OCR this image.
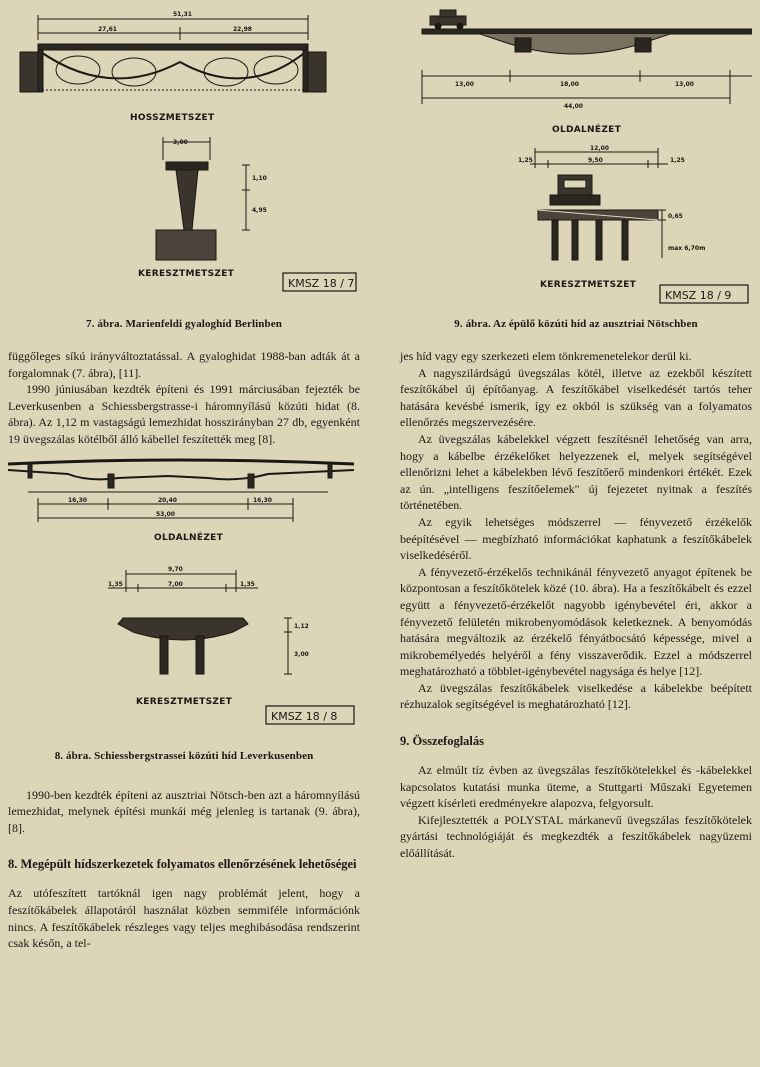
51,31
27,61	22,98
HOSSZMETSZET
3,00
1,10
4,95
KERESZTMETSZET
KMSZ 18 / 7
7. ábra. Marienfeldi gyaloghíd Berlinben

függőleges síkú irányváltoztatással. A gyaloghidat 1988-ban adták át a forgalomnak (7. ábra), [11].

1990 júniusában kezdték építeni és 1991 márciusában fejezték be Leverkusenben a Schiessbergstrasse-i háromnyílású közúti hidat (8. ábra). Az 1,12 m vastagságú lemezhidat hosszirányban 27 db, egyenként 19 üvegszálas kötélből álló kábellel feszítették meg [8].

16,30	20,40	16,30
53,00
OLDALNÉZET
9,70
1,35	7,00	1,35
1,12
3,00
KERESZTMETSZET
KMSZ 18 / 8
8. ábra. Schiessbergstrassei közúti híd Leverkusenben

1990-ben kezdték építeni az ausztriai Nötsch-ben azt a háromnyílású lemezhidat, melynek építési munkái még jelenleg is tartanak (9. ábra), [8].

8. Megépült hídszerkezetek folyamatos ellenőrzésének lehetőségei

Az utófeszített tartóknál igen nagy problémát jelent, hogy a feszítőkábelek állapotáról használat közben semmiféle információnk nincs. A feszítőkábelek részleges vagy teljes meghibásodása rendszerint csak későn, a tel-

13,00	18,00	13,00
44,00
OLDALNÉZET
12,00
1,25	9,50	1,25
0,65
max 6,70m
KERESZTMETSZET
KMSZ 18 / 9
9. ábra. Az épülő közúti híd az ausztriai Nötschben

jes híd vagy egy szerkezeti elem tönkremenetelekor derül ki.

A nagyszilárdságú üvegszálas kötél, illetve az ezekből készített feszítőkábel új építőanyag. A feszítőkábel viselkedését tartós teher hatására kevésbé ismerik, így ez okból is szükség van a folyamatos ellenőrzés megszervezésére.

Az üvegszálas kábelekkel végzett feszítésnél lehetőség van arra, hogy a kábelbe érzékelőket helyezzenek el, melyek segítségével ellenőrizni lehet a kábelekben lévő feszítőerő mindenkori értékét. Ezek az ún. „intelligens feszítőelemek" új fejezetet nyitnak a feszítés történetében.

Az egyik lehetséges módszerrel — fényvezető érzékelők beépítésével — megbízható információkat kaphatunk a feszítőkábelek viselkedéséről.

A fényvezető-érzékelős technikánál fényvezető anyagot építenek be központosan a feszítőkötelek közé (10. ábra). Ha a feszítőkábelt és ezzel együtt a fényvezető-érzékelőt nagyobb igénybevétel éri, akkor a fényvezető felületén mikrobenyomódások keletkeznek. A benyomódás hatására megváltozik az érzékelő fényátbocsátó képessége, mivel a mikrobemélyedés helyéről a fény visszaverődik. Ezzel a módszerrel meghatározható a többlet-igénybevétel nagysága és helye [12].

Az üvegszálas feszítőkábelek viselkedése a kábelekbe beépített rézhuzalok segítségével is meghatározható [12].

9. Összefoglalás

Az elmúlt tíz évben az üvegszálas feszítőkötelekkel és -kábelekkel kapcsolatos kutatási munka üteme, a Stuttgarti Műszaki Egyetemen végzett kísérleti eredményekre alapozva, felgyorsult.

Kifejlesztették a POLYSTAL márkanevű üvegszálas feszítőkötelek gyártási technológiáját és megkezdték a feszítőkábelek nagyüzemi előállítását.
